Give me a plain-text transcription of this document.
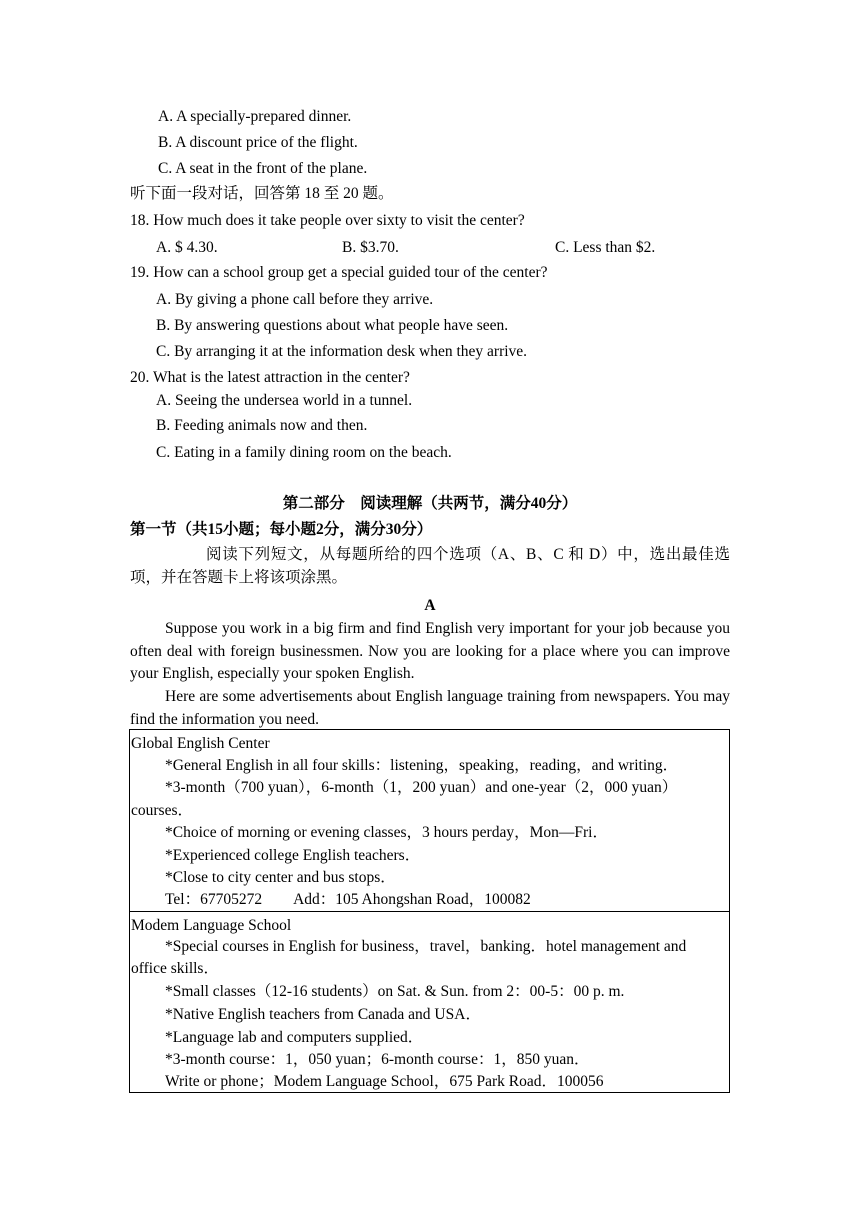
A. A specially-prepared dinner.
B. A discount price of the flight.
C. A seat in the front of the plane.
听下面一段对话，回答第 18 至 20 题。
18. How much does it take people over sixty to visit the center?
A. $ 4.30.	B. $3.70.	C. Less than $2.
19. How can a school group get a special guided tour of the center?
A. By giving a phone call before they arrive.
B. By answering questions about what people have seen.
C. By arranging it at the information desk when they arrive.
20. What is the latest attraction in the center?
A. Seeing the undersea world in a tunnel.
B. Feeding animals now and then.
C. Eating in a family dining room on the beach.
第二部分　阅读理解（共两节，满分40分）
第一节（共15小题；每小题2分，满分30分）
阅读下列短文，从每题所给的四个选项（A、B、C 和 D）中，选出最佳选项，并在答题卡上将该项涂黑。
A
Suppose you work in a big firm and find English very important for your job because you often deal with foreign businessmen. Now you are looking for a place where you can improve your English, especially your spoken English.
Here are some advertisements about English language training from newspapers. You may find the information you need.
Global English Center
*General English in all four skills：listening，speaking，reading，and writing．
*3-month（700 yuan），6-month（1，200 yuan）and one-year（2，000 yuan）
courses．
*Choice of morning or evening classes，3 hours perday，Mon—Fri．
*Experienced college English teachers．
*Close to city center and bus stops．
Tel：67705272　　Add：105 Ahongshan Road，100082
Modem Language School
*Special courses in English for business，travel，banking．hotel management and
office skills．
*Small classes（12-16 students）on Sat. & Sun. from 2：00-5：00 p. m.
*Native English teachers from Canada and USA．
*Language lab and computers supplied．
*3-month course：1，050 yuan；6-month course：1，850 yuan．
Write or phone；Modem Language School，675 Park Road．100056
